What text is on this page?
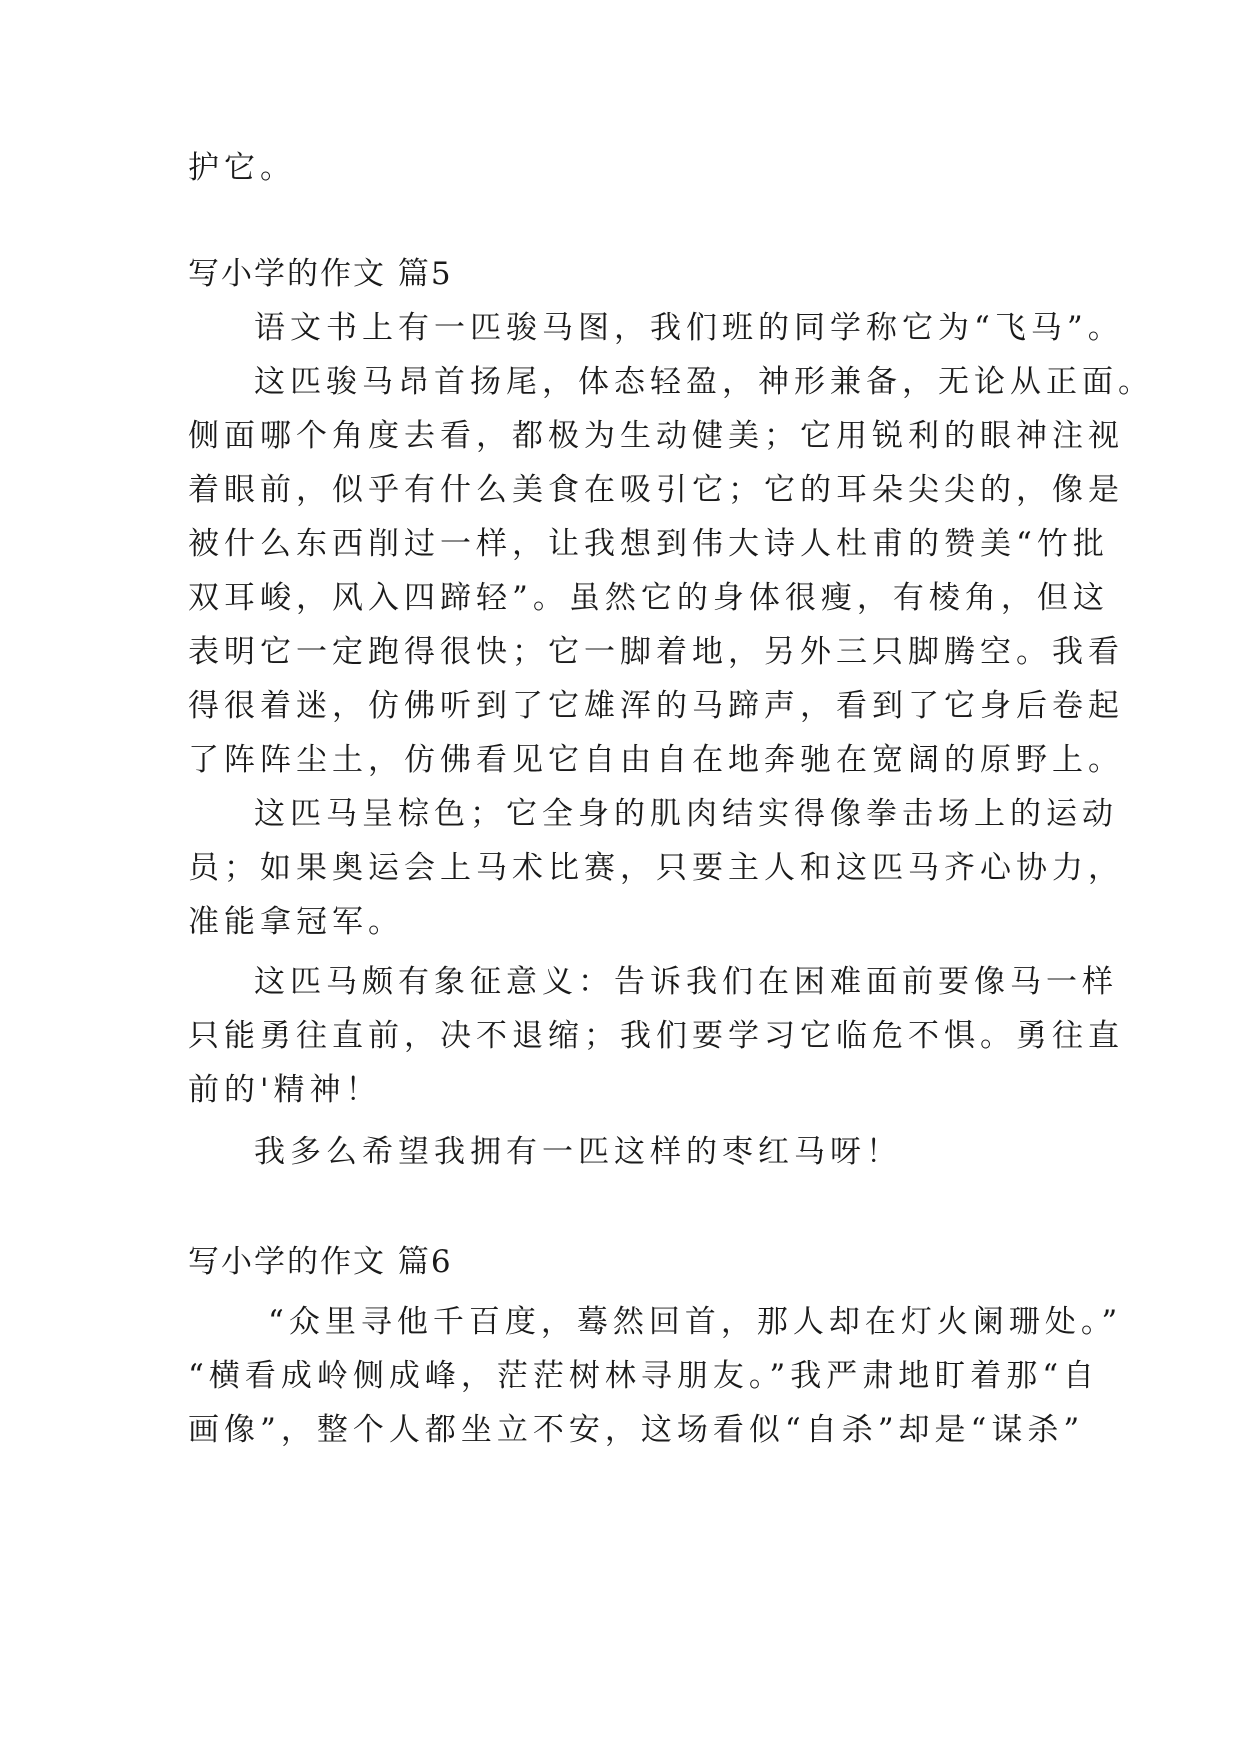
护它。
写小学的作文 篇5
语文书上有一匹骏马图，我们班的同学称它为“飞马”。
这匹骏马昂首扬尾，体态轻盈，神形兼备，无论从正面。
侧面哪个角度去看，都极为生动健美；它用锐利的眼神注视
着眼前，似乎有什么美食在吸引它；它的耳朵尖尖的，像是
被什么东西削过一样，让我想到伟大诗人杜甫的赞美“竹批
双耳峻，风入四蹄轻”。虽然它的身体很瘦，有棱角，但这
表明它一定跑得很快；它一脚着地，另外三只脚腾空。我看
得很着迷，仿佛听到了它雄浑的马蹄声，看到了它身后卷起
了阵阵尘土，仿佛看见它自由自在地奔驰在宽阔的原野上。
这匹马呈棕色；它全身的肌肉结实得像拳击场上的运动
员；如果奥运会上马术比赛，只要主人和这匹马齐心协力，
准能拿冠军。
这匹马颇有象征意义：告诉我们在困难面前要像马一样
只能勇往直前，决不退缩；我们要学习它临危不惧。勇往直
前的'精神！
我多么希望我拥有一匹这样的枣红马呀！
写小学的作文 篇6
“众里寻他千百度，蓦然回首，那人却在灯火阑珊处。”
“横看成岭侧成峰，茫茫树林寻朋友。”我严肃地盯着那“自
画像”，整个人都坐立不安，这场看似“自杀”却是“谋杀”
